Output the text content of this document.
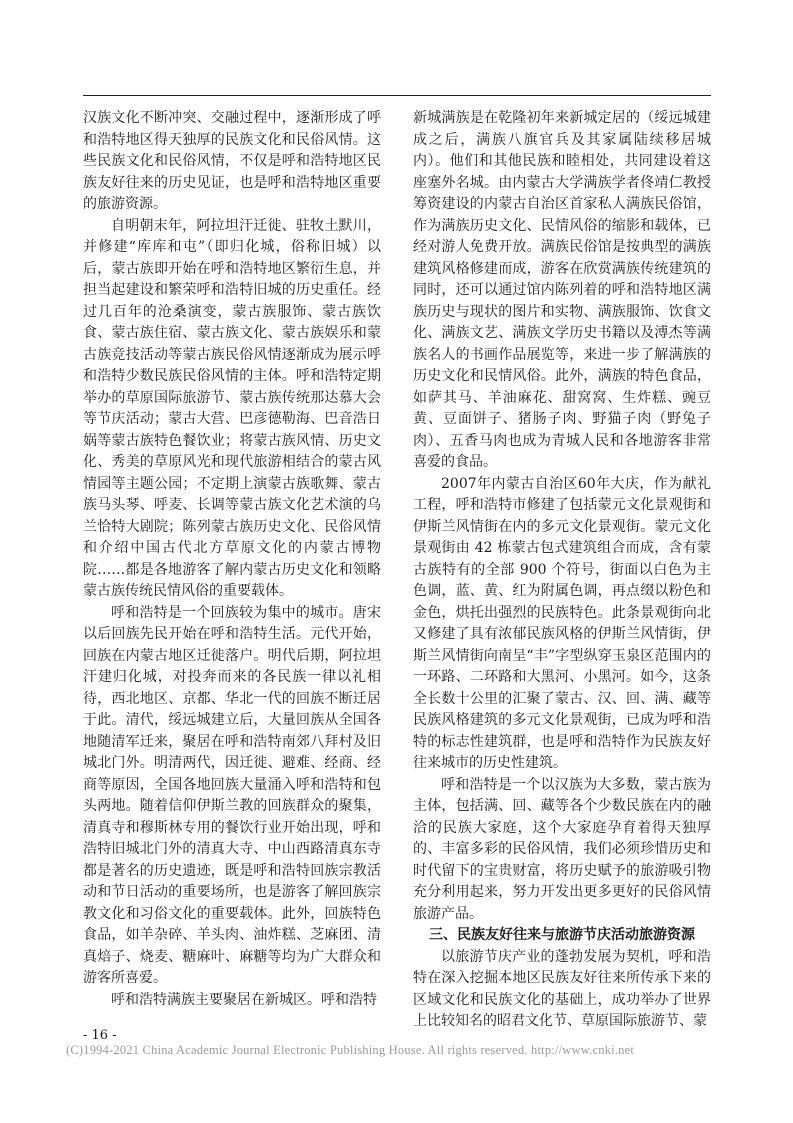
汉族文化不断冲突、交融过程中，逐渐形成了呼和浩特地区得天独厚的民族文化和民俗风情。这些民族文化和民俗风情，不仅是呼和浩特地区民族友好往来的历史见证，也是呼和浩特地区重要的旅游资源。

自明朝末年，阿拉坦汗迁徙、驻牧土默川，并修建“库库和屯”（即归化城，俗称旧城）以后，蒙古族即开始在呼和浩特地区繁衍生息，并担当起建设和繁荣呼和浩特旧城的历史重任。经过几百年的沧桑演变，蒙古族服饰、蒙古族饮食、蒙古族住宿、蒙古族文化、蒙古族娱乐和蒙古族竞技活动等蒙古族民俗风情逐渐成为展示呼和浩特少数民族民俗风情的主体。呼和浩特定期举办的草原国际旅游节、蒙古族传统那达慕大会等节庆活动；蒙古大营、巴彦德勒海、巴音浩日娲等蒙古族特色餐饮业；将蒙古族风情、历史文化、秀美的草原风光和现代旅游相结合的蒙古风情园等主题公园；不定期上演蒙古族歌舞、蒙古族马头琴、呼麦、长调等蒙古族文化艺术演的乌兰恰特大剧院；陈列蒙古族历史文化、民俗风情和介绍中国古代北方草原文化的内蒙古博物院……都是各地游客了解内蒙古历史文化和领略蒙古族传统民情风俗的重要载体。

呼和浩特是一个回族较为集中的城市。唐宋以后回族先民开始在呼和浩特生活。元代开始，回族在内蒙古地区迁徙落户。明代后期，阿拉坦汗建归化城，对投奔而来的各民族一律以礼相待，西北地区、京都、华北一代的回族不断迁居于此。清代，绥远城建立后，大量回族从全国各地随清军迁来，聚居在呼和浩特南郊八拜村及旧城北门外。明清两代，因迁徙、避难、经商、经商等原因，全国各地回族大量涌入呼和浩特和包头两地。随着信仰伊斯兰教的回族群众的聚集，清真寺和穆斯林专用的餐饮行业开始出现，呼和浩特旧城北门外的清真大寺、中山西路清真东寺都是著名的历史遗迹，既是呼和浩特回族宗教活动和节日活动的重要场所，也是游客了解回族宗教文化和习俗文化的重要载体。此外，回族特色食品，如羊杂碎、羊头肉、油炸糕、芝麻团、清真焙子、烧麦、糖麻叶、麻糖等均为广大群众和游客所喜爱。

呼和浩特满族主要聚居在新城区。呼和浩特

新城满族是在乾隆初年来新城定居的（绥远城建成之后，满族八旗官兵及其家属陆续移居城内）。他们和其他民族和睦相处，共同建设着这座塞外名城。由内蒙古大学满族学者佟靖仁教授筹资建设的内蒙古自治区首家私人满族民俗馆，作为满族历史文化、民情风俗的缩影和载体，已经对游人免费开放。满族民俗馆是按典型的满族建筑风格修建而成，游客在欣赏满族传统建筑的同时，还可以通过馆内陈列着的呼和浩特地区满族历史与现状的图片和实物、满族服饰、饮食文化、满族文艺、满族文学历史书籍以及溥杰等满族名人的书画作品展览等，来进一步了解满族的历史文化和民情风俗。此外，满族的特色食品，如萨其马、羊油麻花、甜窝窝、生炸糕、豌豆黄、豆面饼子、猪肠子肉、野猫子肉（野兔子肉）、五香马肉也成为青城人民和各地游客非常喜爱的食品。

2007年内蒙古自治区60年大庆，作为献礼工程，呼和浩特市修建了包括蒙元文化景观街和伊斯兰风情街在内的多元文化景观街。蒙元文化景观街由 42 栋蒙古包式建筑组合而成，含有蒙古族特有的全部 900 个符号，街面以白色为主色调，蓝、黄、红为附属色调，再点缀以粉色和金色，烘托出强烈的民族特色。此条景观街向北又修建了具有浓郁民族风格的伊斯兰风情街，伊斯兰风情街向南呈“丰”字型纵穿玉泉区范围内的一环路、二环路和大黑河、小黑河。如今，这条全长数十公里的汇聚了蒙古、汉、回、满、藏等民族风格建筑的多元文化景观街，已成为呼和浩特的标志性建筑群，也是呼和浩特作为民族友好往来城市的历史性建筑。

呼和浩特是一个以汉族为大多数，蒙古族为主体，包括满、回、藏等各个少数民族在内的融洽的民族大家庭，这个大家庭孕育着得天独厚的、丰富多彩的民俗风情，我们必须珍惜历史和时代留下的宝贵财富，将历史赋予的旅游吸引物充分利用起来，努力开发出更多更好的民俗风情旅游产品。

三、民族友好往来与旅游节庆活动旅游资源

以旅游节庆产业的蓬勃发展为契机，呼和浩特在深入挖掘本地区民族友好往来所传承下来的区域文化和民族文化的基础上，成功举办了世界上比较知名的昭君文化节、草原国际旅游节、蒙

- 16 -
(C)1994-2021 China Academic Journal Electronic Publishing House. All rights reserved. http://www.cnki.net
